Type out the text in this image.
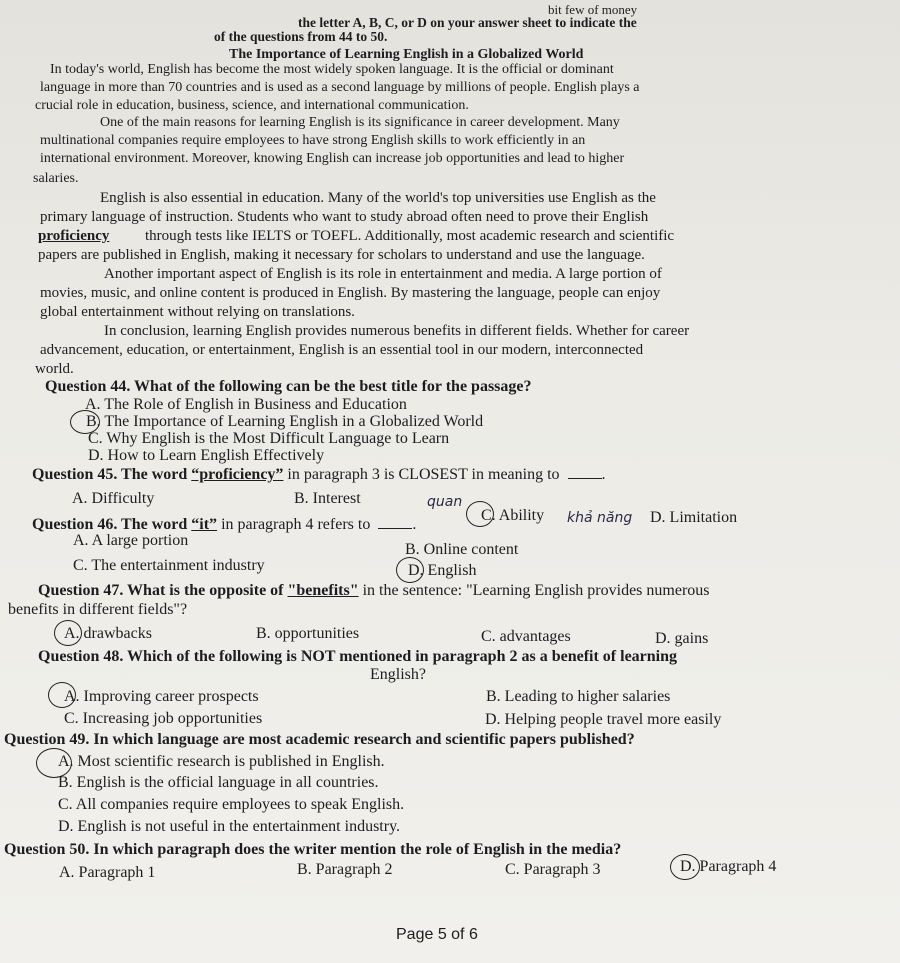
bit few of money
the letter A, B, C, or D on your answer sheet to indicate the
of the questions from 44 to 50.
The Importance of Learning English in a Globalized World
In today's world, English has become the most widely spoken language. It is the official or dominant
language in more than 70 countries and is used as a second language by millions of people. English plays a
crucial role in education, business, science, and international communication.
One of the main reasons for learning English is its significance in career development. Many
multinational companies require employees to have strong English skills to work efficiently in an
international environment. Moreover, knowing English can increase job opportunities and lead to higher
salaries.
English is also essential in education. Many of the world's top universities use English as the
primary language of instruction. Students who want to study abroad often need to prove their English
proficiency through tests like IELTS or TOEFL. Additionally, most academic research and scientific
papers are published in English, making it necessary for scholars to understand and use the language.
Another important aspect of English is its role in entertainment and media. A large portion of
movies, music, and online content is produced in English. By mastering the language, people can enjoy
global entertainment without relying on translations.
In conclusion, learning English provides numerous benefits in different fields. Whether for career
advancement, education, or entertainment, English is an essential tool in our modern, interconnected
world.
Question 44. What of the following can be the best title for the passage?
A. The Role of English in Business and Education
B. The Importance of Learning English in a Globalized World
C. Why English is the Most Difficult Language to Learn
D. How to Learn English Effectively
Question 45. The word “proficiency” in paragraph 3 is CLOSEST in meaning to	.
A. Difficulty	B. Interest	quan
C. Ability khả năng D. Limitation
Question 46. The word “it” in paragraph 4 refers to	.
A. A large portion
B. Online content
C. The entertainment industry	D. English
Question 47. What is the opposite of "benefits" in the sentence: "Learning English provides numerous
benefits in different fields"?
A. drawbacks	B. opportunities	C. advantages	D. gains
Question 48. Which of the following is NOT mentioned in paragraph 2 as a benefit of learning
English?
A. Improving career prospects	B. Leading to higher salaries
C. Increasing job opportunities	D. Helping people travel more easily
Question 49. In which language are most academic research and scientific papers published?
A. Most scientific research is published in English.
B. English is the official language in all countries.
C. All companies require employees to speak English.
D. English is not useful in the entertainment industry.
Question 50. In which paragraph does the writer mention the role of English in the media?
A. Paragraph 1	B. Paragraph 2	C. Paragraph 3	D. Paragraph 4
Page 5 of 6
